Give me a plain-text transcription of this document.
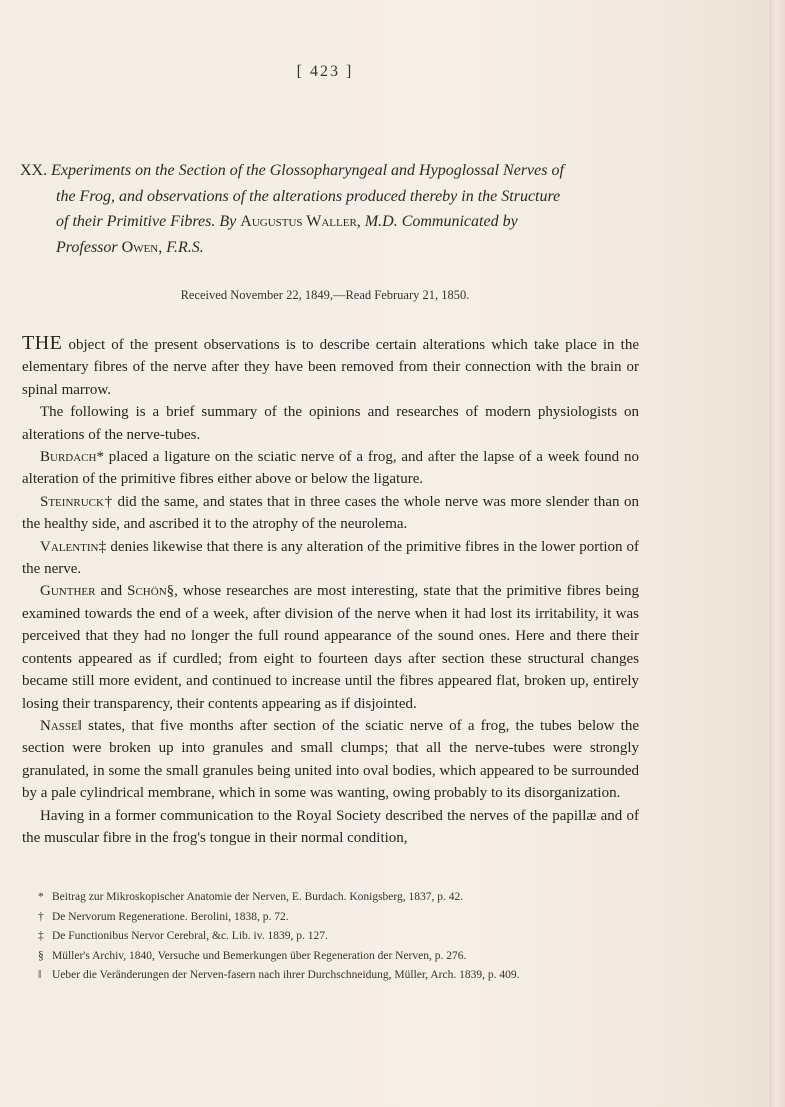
[ 423 ]
XX. Experiments on the Section of the Glossopharyngeal and Hypoglossal Nerves of
the Frog, and observations of the alterations produced thereby in the Structure
of their Primitive Fibres. By Augustus Waller, M.D. Communicated by
Professor Owen, F.R.S.
Received November 22, 1849,—Read February 21, 1850.

THE object of the present observations is to describe certain alterations which take place in the elementary fibres of the nerve after they have been removed from their connection with the brain or spinal marrow.

The following is a brief summary of the opinions and researches of modern physiologists on alterations of the nerve-tubes.

Burdach* placed a ligature on the sciatic nerve of a frog, and after the lapse of a week found no alteration of the primitive fibres either above or below the ligature.

Steinruck† did the same, and states that in three cases the whole nerve was more slender than on the healthy side, and ascribed it to the atrophy of the neurolema.

Valentin‡ denies likewise that there is any alteration of the primitive fibres in the lower portion of the nerve.

Gunther and Schön§, whose researches are most interesting, state that the primitive fibres being examined towards the end of a week, after division of the nerve when it had lost its irritability, it was perceived that they had no longer the full round appearance of the sound ones. Here and there their contents appeared as if curdled; from eight to fourteen days after section these structural changes became still more evident, and continued to increase until the fibres appeared flat, broken up, entirely losing their transparency, their contents appearing as if disjointed.

Nasse‖ states, that five months after section of the sciatic nerve of a frog, the tubes below the section were broken up into granules and small clumps; that all the nerve-tubes were strongly granulated, in some the small granules being united into oval bodies, which appeared to be surrounded by a pale cylindrical membrane, which in some was wanting, owing probably to its disorganization.

Having in a former communication to the Royal Society described the nerves of the papillæ and of the muscular fibre in the frog's tongue in their normal condition,

* Beitrag zur Mikroskopischer Anatomie der Nerven, E. Burdach. Konigsberg, 1837, p. 42.
† De Nervorum Regeneratione. Berolini, 1838, p. 72.
‡ De Functionibus Nervor Cerebral, &c. Lib. iv. 1839, p. 127.
§ Müller's Archiv, 1840, Versuche und Bemerkungen über Regeneration der Nerven, p. 276.
‖ Ueber die Veränderungen der Nerven-fasern nach ihrer Durchschneidung, Müller, Arch. 1839, p. 409.
